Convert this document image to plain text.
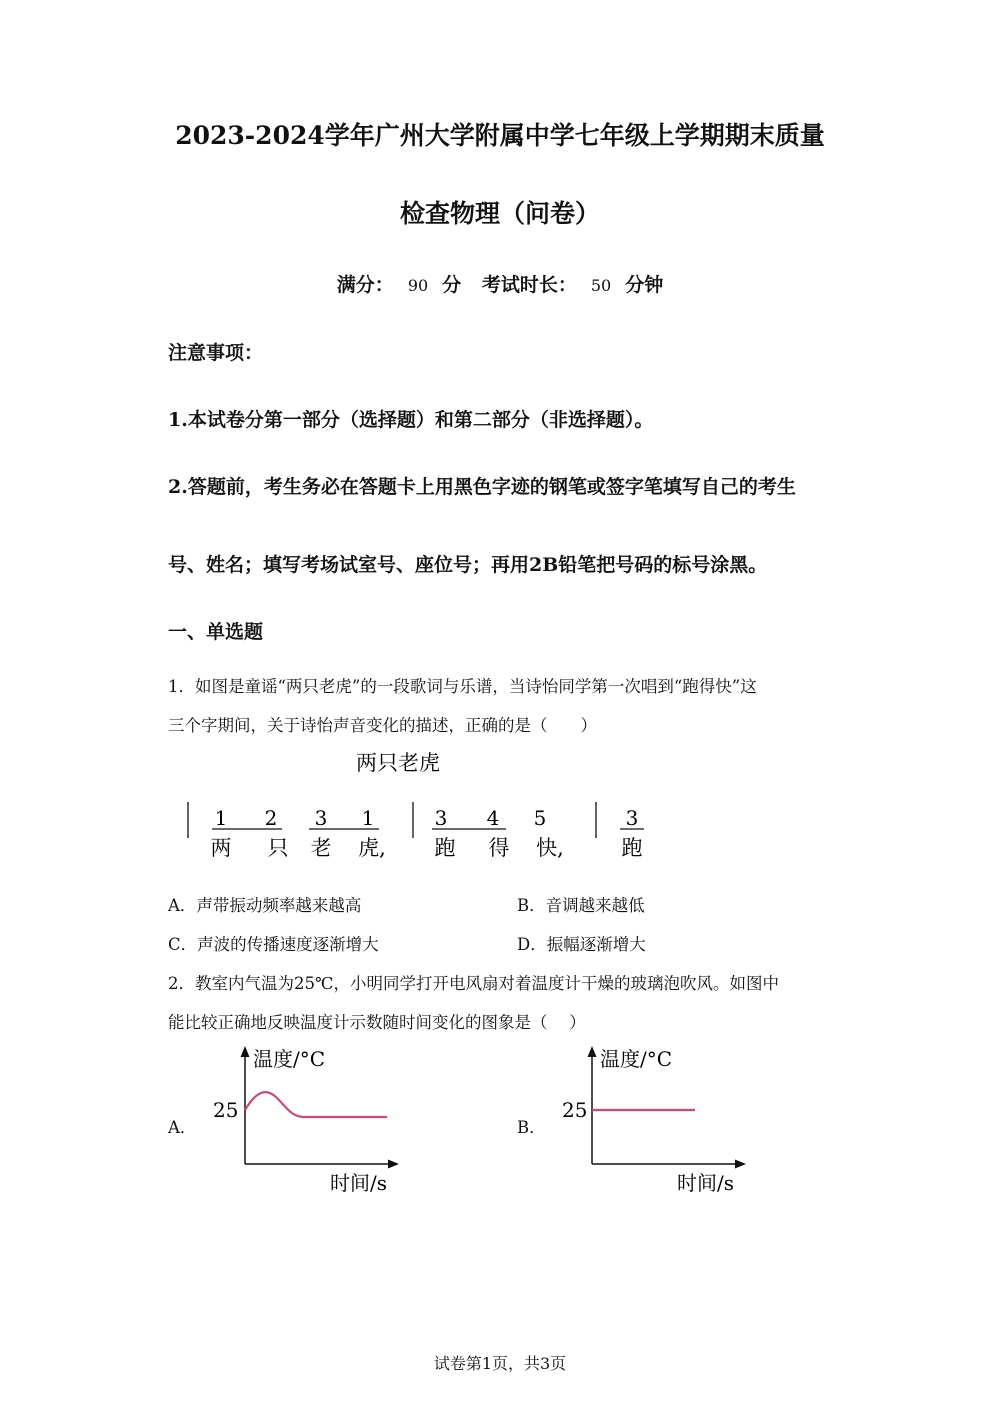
2023-2024学年广州大学附属中学七年级上学期期末质量
检查物理（问卷）
满分： 90 分 考试时长： 50 分钟
注意事项：
1.本试卷分第一部分（选择题）和第二部分（非选择题）。
2.答题前，考生务必在答题卡上用黑色字迹的钢笔或签字笔填写自己的考生
号、姓名；填写考场试室号、座位号；再用2B铅笔把号码的标号涂黑。
一、单选题
1．如图是童谣“两只老虎”的一段歌词与乐谱，当诗怡同学第一次唱到“跑得快”这
三个字期间，关于诗怡声音变化的描述，正确的是（　　）
两只老虎
1 2 3 1	3 4 5	3
两 只 老 虎, 跑 得 快,	跑
A．声带振动频率越来越高	B．音调越来越低
C．声波的传播速度逐渐增大	D．振幅逐渐增大
2．教室内气温为25℃，小明同学打开电风扇对着温度计干燥的玻璃泡吹风。如图中
能比较正确地反映温度计示数随时间变化的图象是（　 ）
A．	B．
温度/°C
时间/s
25
温度/°C
时间/s
25
试卷第1页，共3页
